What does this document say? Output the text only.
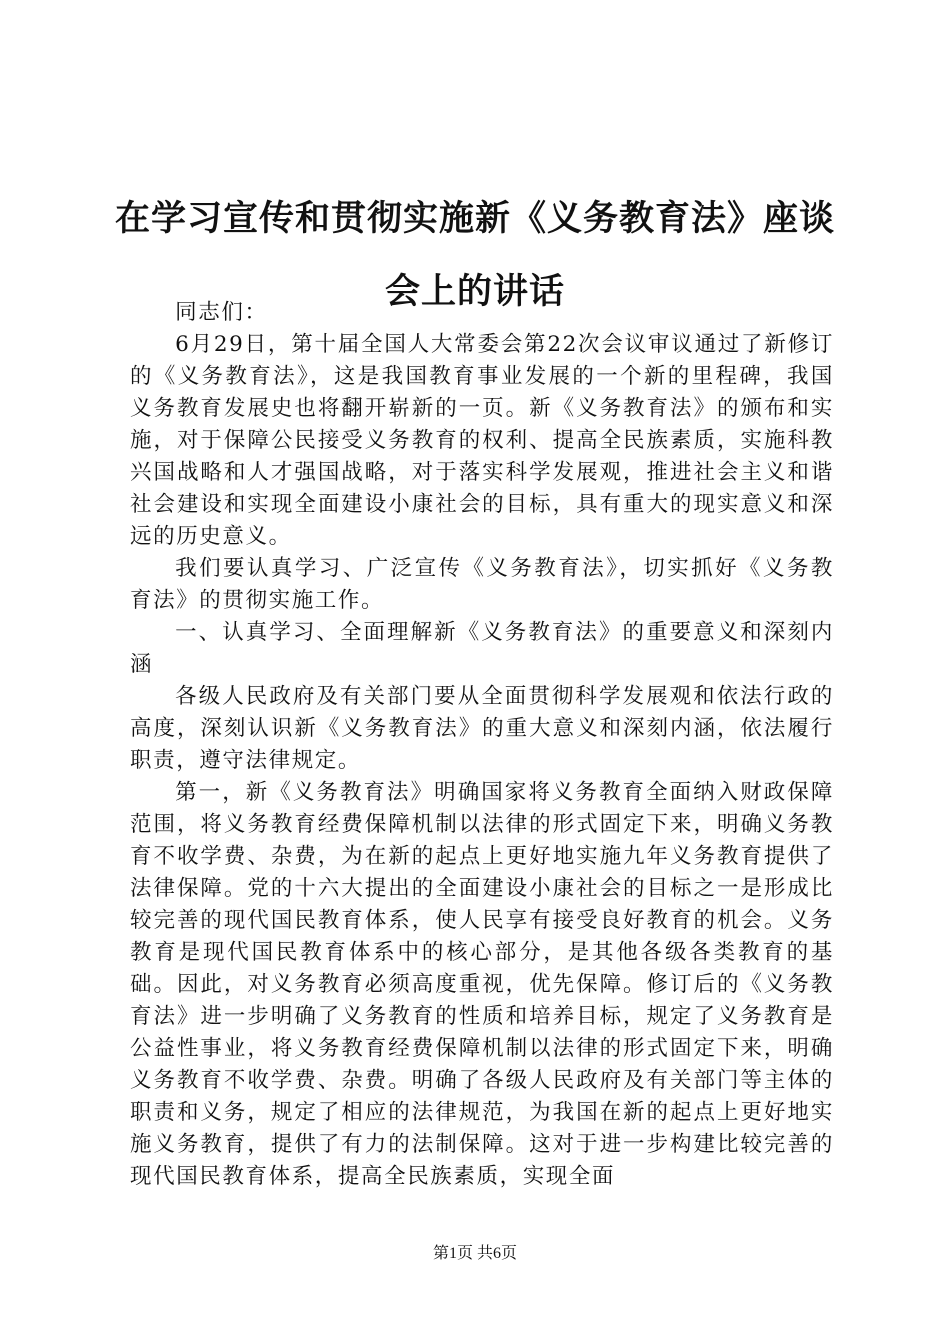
在学习宣传和贯彻实施新《义务教育法》座谈
会上的讲话

同志们：

6月29日，第十届全国人大常委会第22次会议审议通过了新修订的《义务教育法》，这是我国教育事业发展的一个新的里程碑，我国义务教育发展史也将翻开崭新的一页。新《义务教育法》的颁布和实施，对于保障公民接受义务教育的权利、提高全民族素质，实施科教兴国战略和人才强国战略，对于落实科学发展观，推进社会主义和谐社会建设和实现全面建设小康社会的目标，具有重大的现实意义和深远的历史意义。

我们要认真学习、广泛宣传《义务教育法》，切实抓好《义务教育法》的贯彻实施工作。

一、认真学习、全面理解新《义务教育法》的重要意义和深刻内涵

各级人民政府及有关部门要从全面贯彻科学发展观和依法行政的高度，深刻认识新《义务教育法》的重大意义和深刻内涵，依法履行职责，遵守法律规定。

第一，新《义务教育法》明确国家将义务教育全面纳入财政保障范围，将义务教育经费保障机制以法律的形式固定下来，明确义务教育不收学费、杂费，为在新的起点上更好地实施九年义务教育提供了法律保障。党的十六大提出的全面建设小康社会的目标之一是形成比较完善的现代国民教育体系，使人民享有接受良好教育的机会。义务教育是现代国民教育体系中的核心部分，是其他各级各类教育的基础。因此，对义务教育必须高度重视，优先保障。修订后的《义务教育法》进一步明确了义务教育的性质和培养目标，规定了义务教育是公益性事业，将义务教育经费保障机制以法律的形式固定下来，明确义务教育不收学费、杂费。明确了各级人民政府及有关部门等主体的职责和义务，规定了相应的法律规范，为我国在新的起点上更好地实施义务教育，提供了有力的法制保障。这对于进一步构建比较完善的现代国民教育体系，提高全民族素质，实现全面

第1页 共6页
